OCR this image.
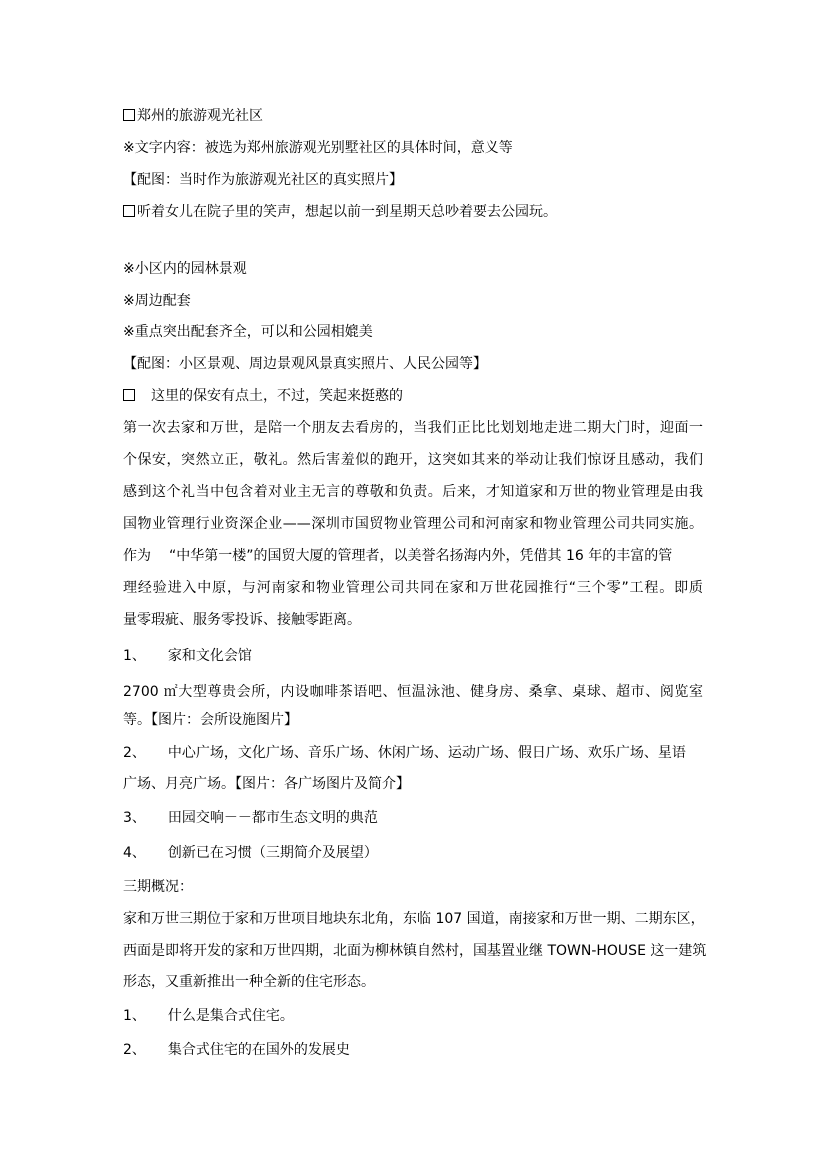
郑州的旅游观光社区

※文字内容：被选为郑州旅游观光别墅社区的具体时间，意义等

【配图：当时作为旅游观光社区的真实照片】

听着女儿在院子里的笑声，想起以前一到星期天总吵着要去公园玩。

※小区内的园林景观

※周边配套

※重点突出配套齐全，可以和公园相媲美

【配图：小区景观、周边景观风景真实照片、人民公园等】

这里的保安有点土，不过，笑起来挺憨的

第一次去家和万世，是陪一个朋友去看房的，当我们正比比划划地走进二期大门时，迎面一

个保安，突然立正，敬礼。然后害羞似的跑开，这突如其来的举动让我们惊讶且感动，我们

感到这个礼当中包含着对业主无言的尊敬和负责。后来，才知道家和万世的物业管理是由我

国物业管理行业资深企业——深圳市国贸物业管理公司和河南家和物业管理公司共同实施。

作为 “中华第一楼”的国贸大厦的管理者，以美誉名扬海内外，凭借其 16 年的丰富的管

理经验进入中原，与河南家和物业管理公司共同在家和万世花园推行“三个零”工程。即质

量零瑕疵、服务零投诉、接触零距离。

1、 家和文化会馆

2700 ㎡大型尊贵会所，内设咖啡茶语吧、恒温泳池、健身房、桑拿、桌球、超市、阅览室

等。【图片：会所设施图片】

2、 中心广场，文化广场、音乐广场、休闲广场、运动广场、假日广场、欢乐广场、星语

广场、月亮广场。【图片：各广场图片及简介】

3、 田园交响－－都市生态文明的典范

4、 创新已在习惯（三期简介及展望）

三期概况：

家和万世三期位于家和万世项目地块东北角，东临 107 国道，南接家和万世一期、二期东区，

西面是即将开发的家和万世四期，北面为柳林镇自然村，国基置业继 TOWN-HOUSE 这一建筑

形态，又重新推出一种全新的住宅形态。

1、 什么是集合式住宅。

2、 集合式住宅的在国外的发展史
